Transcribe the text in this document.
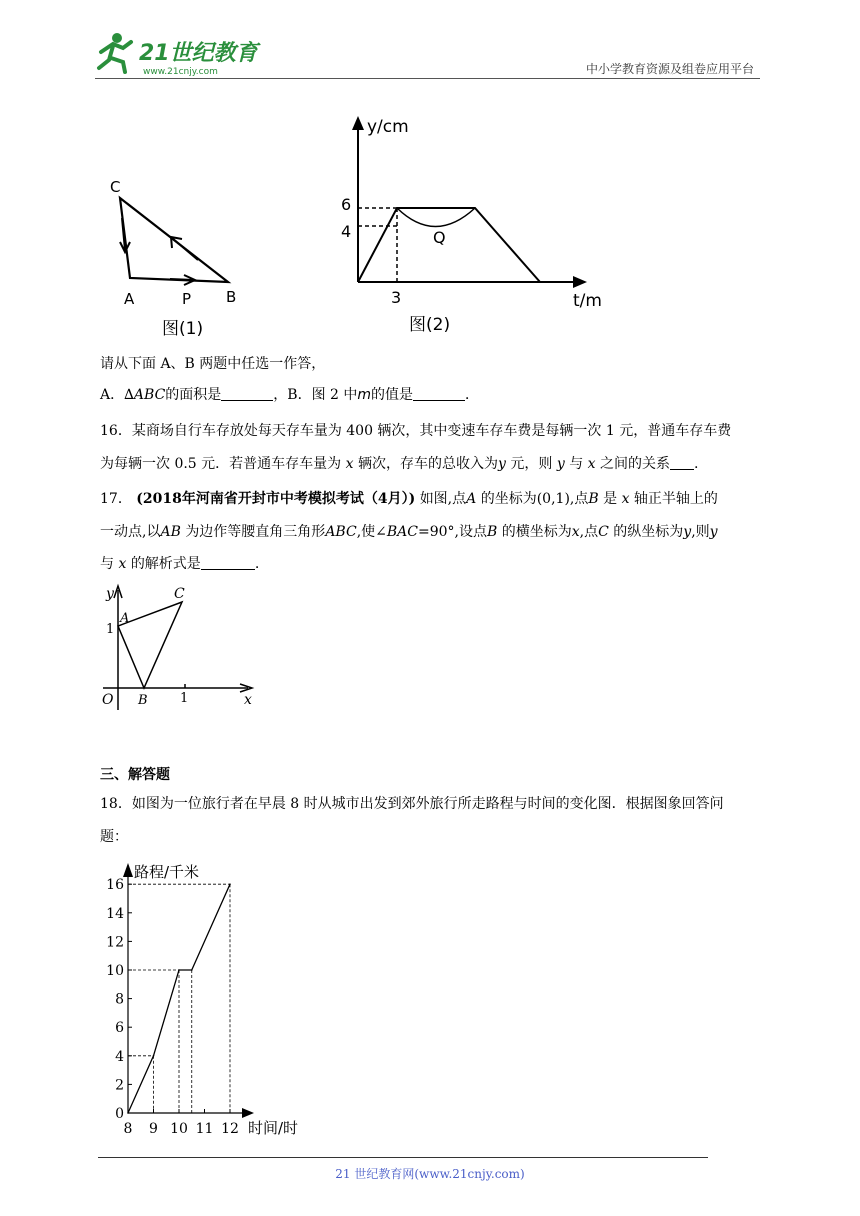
21世纪教育
www.21cnjy.com	中小学教育资源及组卷应用平台
C
A	P B
图(1)
y/cm
t/m
6
4
3
Q
图(2)
请从下面 A、B 两题中任选一作答，
A．∆ABC的面积是	，B．图 2 中m的值是	．
16．某商场自行车存放处每天存车量为 400 辆次，其中变速车存车费是每辆一次 1 元，普通车存车费
为每辆一次 0.5 元．若普通车存车量为 x 辆次，存车的总收入为y 元，则 y 与 x 之间的关系 .
17． (2018年河南省开封市中考模拟考试（4月）) 如图,点A 的坐标为(0,1),点B 是 x 轴正半轴上的
一动点,以AB 为边作等腰直角三角形ABC,使∠BAC=90°,设点B 的横坐标为x,点C 的纵坐标为y,则y
与 x 的解析式是	.
y
x
O
1
1
A
B
C
三、解答题
18．如图为一位旅行者在早晨 8 时从城市出发到郊外旅行所走路程与时间的变化图．根据图象回答问
题：
路程/千米
时间/时
0
2
4
6
8
10
12
14
16
8 9 10 11 12
21 世纪教育网(www.21cnjy.com)
